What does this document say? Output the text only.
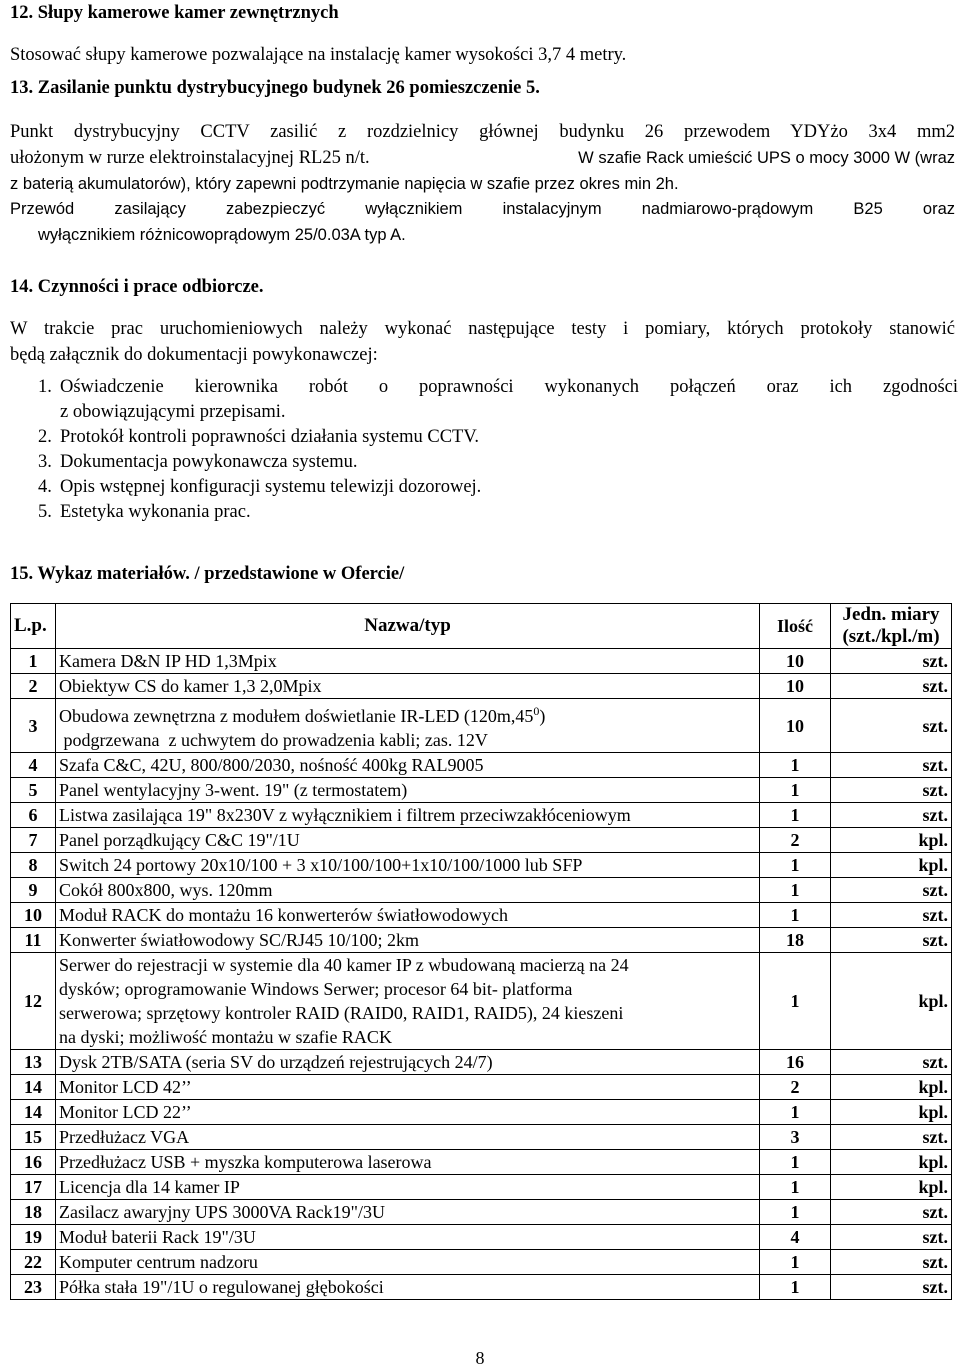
12. Słupy kamerowe kamer zewnętrznych
Stosować słupy kamerowe pozwalające na instalację kamer wysokości 3,7 4 metry.
13. Zasilanie punktu dystrybucyjnego budynek 26 pomieszczenie 5.
Punkt dystrybucyjny CCTV zasilić z rozdzielnicy głównej budynku 26 przewodem YDYżo 3x4 mm2
ułożonym w rurze elektroinstalacyjnej RL25 n/t.	W szafie Rack umieścić UPS o mocy 3000 W (wraz
z baterią akumulatorów), który zapewni podtrzymanie napięcia w szafie przez okres min 2h.
Przewód zasilający zabezpieczyć wyłącznikiem instalacyjnym nadmiarowo-prądowym B25 oraz
wyłącznikiem różnicowoprądowym 25/0.03A typ A.
14. Czynności i prace odbiorcze.
W trakcie prac uruchomieniowych należy wykonać następujące testy i pomiary, których protokoły stanowić
będą załącznik do dokumentacji powykonawczej:
1. Oświadczenie kierownika robót o poprawności wykonanych połączeń oraz ich zgodności
z obowiązującymi przepisami.
2. Protokół kontroli poprawności działania systemu CCTV.
3. Dokumentacja powykonawcza systemu.
4. Opis wstępnej konfiguracji systemu telewizji dozorowej.
5. Estetyka wykonania prac.
15. Wykaz materiałów. / przedstawione w Ofercie/
L.p.	Nazwa/typ	Ilość	Jedn. miary
(szt./kpl./m)

1	Kamera D&N IP HD 1,3Mpix	10	szt.
2	Obiektyw CS do kamer 1,3 2,0Mpix	10	szt.
3	Obudowa zewnętrzna z modułem doświetlanie IR-LED $(120m,45^0)$
podgrzewana  z uchwytem do prowadzenia kabli; zas. 12V	10	szt.
4	Szafa C&C, 42U, 800/800/2030, nośność 400kg RAL9005	1	szt.
5	Panel wentylacyjny 3-went. 19" (z termostatem)	1	szt.
6	Listwa zasilająca 19" 8x230V z wyłącznikiem i filtrem przeciwzakłóceniowym	1	szt.
7	Panel porządkujący C&C 19"/1U	2	kpl.
8	Switch 24 portowy 20x10/100 + 3 x10/100/100+1x10/100/1000 lub SFP	1	kpl.
9	Cokół 800x800, wys. 120mm	1	szt.
10	Moduł RACK do montażu 16 konwerterów światłowodowych	1	szt.
11	Konwerter światłowodowy SC/RJ45 10/100; 2km	18	szt.
12	Serwer do rejestracji w systemie dla 40 kamer IP z wbudowaną macierzą na 24
dysków; oprogramowanie Windows Serwer; procesor 64 bit- platforma
serwerowa; sprzętowy kontroler RAID (RAID0, RAID1, RAID5), 24 kieszeni
na dyski; możliwość montażu w szafie RACK	1	kpl.
13	Dysk 2TB/SATA (seria SV do urządzeń rejestrujących 24/7)	16	szt.
14	Monitor LCD 42’’	2	kpl.
14	Monitor LCD 22’’	1	kpl.
15	Przedłużacz VGA	3	szt.
16	Przedłużacz USB + myszka komputerowa laserowa	1	kpl.
17	Licencja dla 14 kamer IP	1	kpl.
18	Zasilacz awaryjny UPS 3000VA Rack19"/3U	1	szt.
19	Moduł baterii Rack 19"/3U	4	szt.
22	Komputer centrum nadzoru	1	szt.
23	Półka stała 19"/1U o regulowanej głębokości	1	szt.
8
